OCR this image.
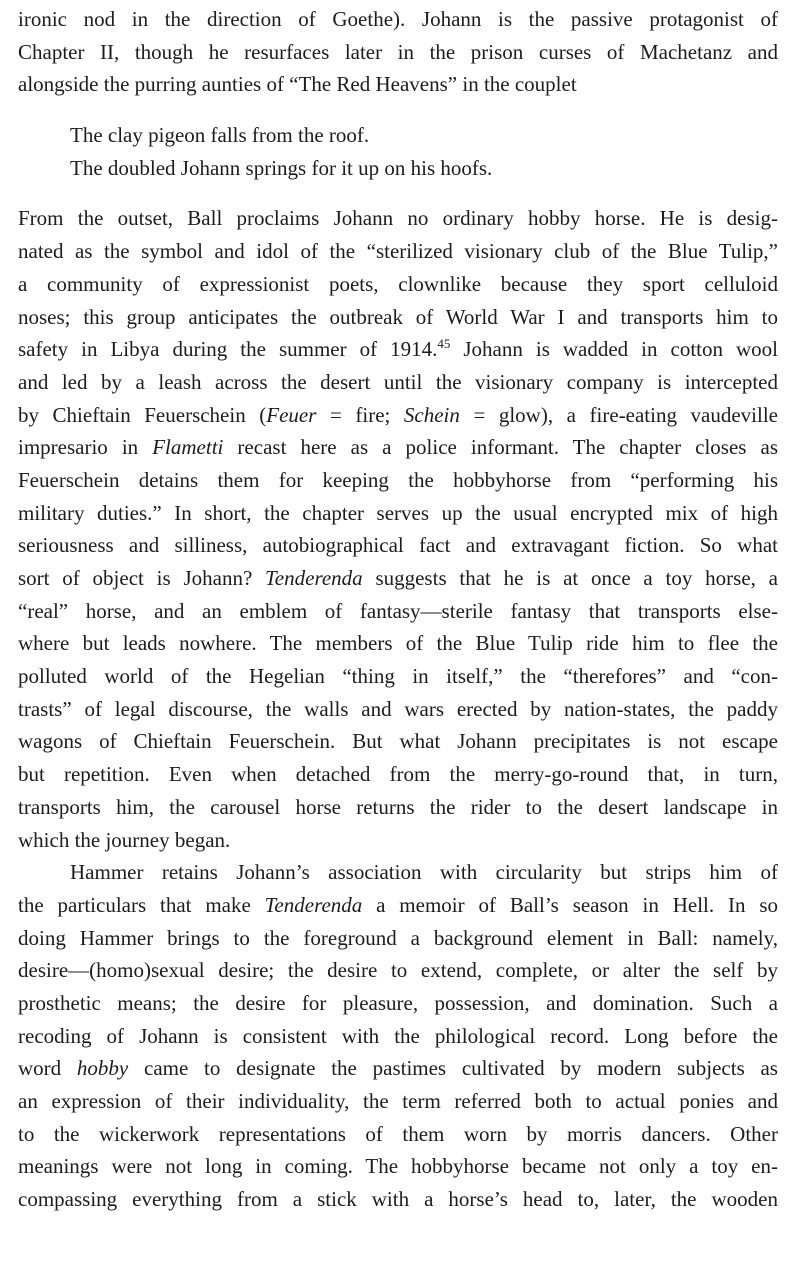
ironic nod in the direction of Goethe). Johann is the passive protagonist of
Chapter II, though he resurfaces later in the prison curses of Machetanz and
alongside the purring aunties of “The Red Heavens” in the couplet
The clay pigeon falls from the roof.
The doubled Johann springs for it up on his hoofs.
From the outset, Ball proclaims Johann no ordinary hobby horse. He is desig-
nated as the symbol and idol of the “sterilized visionary club of the Blue Tulip,”
a community of expressionist poets, clownlike because they sport celluloid
noses; this group anticipates the outbreak of World War I and transports him to
safety in Libya during the summer of 1914.45 Johann is wadded in cotton wool
and led by a leash across the desert until the visionary company is intercepted
by Chieftain Feuerschein (Feuer = fire; Schein = glow), a fire-eating vaudeville
impresario in Flametti recast here as a police informant. The chapter closes as
Feuerschein detains them for keeping the hobbyhorse from “performing his
military duties.” In short, the chapter serves up the usual encrypted mix of high
seriousness and silliness, autobiographical fact and extravagant fiction. So what
sort of object is Johann? Tenderenda suggests that he is at once a toy horse, a
“real” horse, and an emblem of fantasy—sterile fantasy that transports else-
where but leads nowhere. The members of the Blue Tulip ride him to flee the
polluted world of the Hegelian “thing in itself,” the “therefores” and “con-
trasts” of legal discourse, the walls and wars erected by nation-states, the paddy
wagons of Chieftain Feuerschein. But what Johann precipitates is not escape
but repetition. Even when detached from the merry-go-round that, in turn,
transports him, the carousel horse returns the rider to the desert landscape in
which the journey began.
Hammer retains Johann’s association with circularity but strips him of
the particulars that make Tenderenda a memoir of Ball’s season in Hell. In so
doing Hammer brings to the foreground a background element in Ball: namely,
desire—(homo)sexual desire; the desire to extend, complete, or alter the self by
prosthetic means; the desire for pleasure, possession, and domination. Such a
recoding of Johann is consistent with the philological record. Long before the
word hobby came to designate the pastimes cultivated by modern subjects as
an expression of their individuality, the term referred both to actual ponies and
to the wickerwork representations of them worn by morris dancers. Other
meanings were not long in coming. The hobbyhorse became not only a toy en-
compassing everything from a stick with a horse’s head to, later, the wooden
